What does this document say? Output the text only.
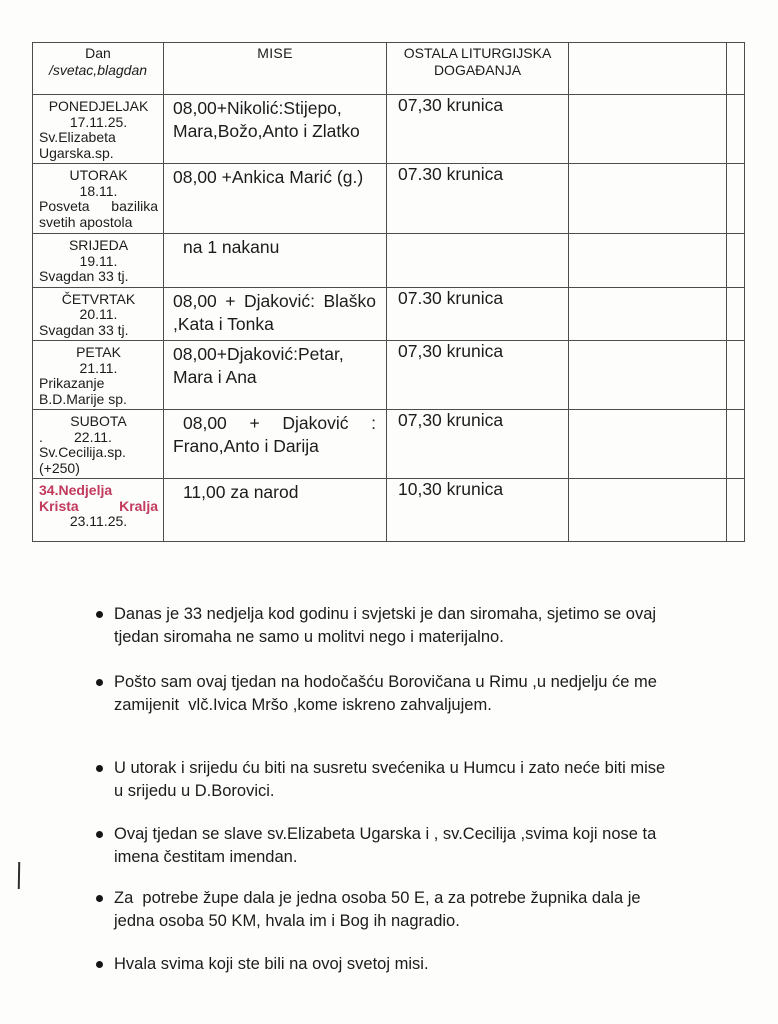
Dan
/svetac,blagdan	MISE	OSTALA LITURGIJSKA DOGAĐANJA		

PONEDJELJAK
17.11.25.
Sv.Elizabeta
Ugarska.sp.

08,00+Nikolić:Stijepo,
Mara,Božo,Anto i Zlatko
	07,30 krunica		

UTORAK
18.11.
Posveta bazilika
svetih apostola	08,00 +Ankica Marić (g.)	07.30 krunica		

SRIJEDA
19.11.
Svagdan 33 tj.	na 1 nakanu			

ČETVRTAK
20.11.
Svagdan 33 tj.

08,00 + Djaković: Blaško
,Kata i Tonka
	07.30 krunica		

PETAK
21.11.
Prikazanje
B.D.Marije sp.

08,00+Djaković:Petar,
Mara i Ana
	07,30 krunica		

SUBOTA
.        22.11.
Sv.Cecilija.sp.
(+250)

08,00 + Djaković :
Frano,Anto i Darija
	07,30 krunica		

34.Nedjelja
Krista Kralja
23.11.25.	11,00 za narod	10,30 krunica		
Danas je 33 nedjelja kod godinu i svjetski je dan siromaha, sjetimo se ovaj
tjedan siromaha ne samo u molitvi nego i materijalno.
Pošto sam ovaj tjedan na hodočašću Borovičana u Rimu ,u nedjelju će me
zamijenit  vlč.Ivica Mršo ,kome iskreno zahvaljujem.
U utorak i srijedu ću biti na susretu svećenika u Humcu i zato neće biti mise
u srijedu u D.Borovici.
Ovaj tjedan se slave sv.Elizabeta Ugarska i , sv.Cecilija ,svima koji nose ta
imena čestitam imendan.
Za  potrebe župe dala je jedna osoba 50 E, a za potrebe župnika dala je
jedna osoba 50 KM, hvala im i Bog ih nagradio.
Hvala svima koji ste bili na ovoj svetoj misi.
